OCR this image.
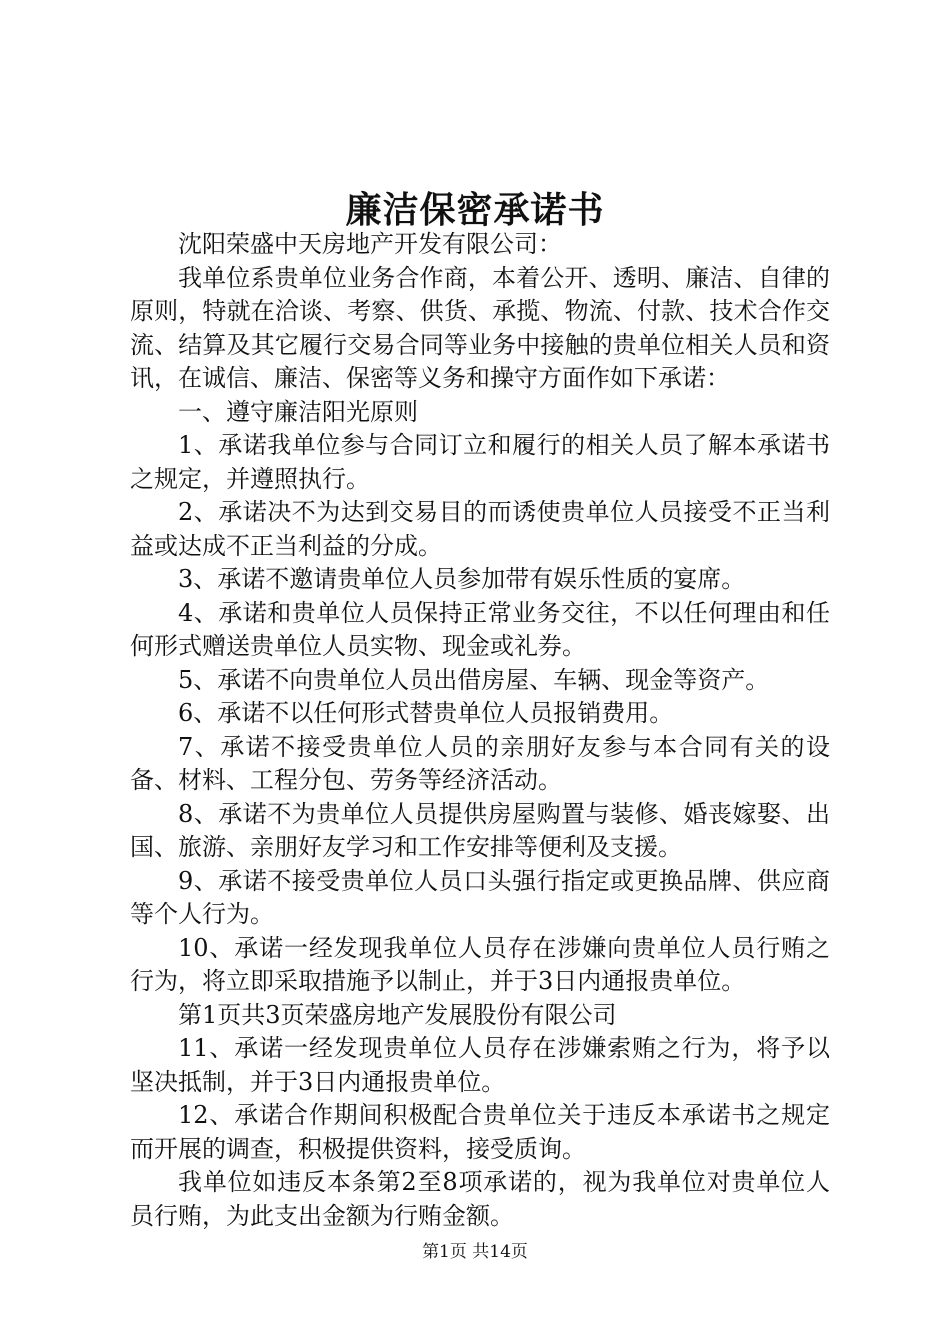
廉洁保密承诺书

沈阳荣盛中天房地产开发有限公司：

我单位系贵单位业务合作商，本着公开、透明、廉洁、自律的原则，特就在洽谈、考察、供货、承揽、物流、付款、技术合作交流、结算及其它履行交易合同等业务中接触的贵单位相关人员和资讯，在诚信、廉洁、保密等义务和操守方面作如下承诺：

一、遵守廉洁阳光原则

1、承诺我单位参与合同订立和履行的相关人员了解本承诺书之规定，并遵照执行。

2、承诺决不为达到交易目的而诱使贵单位人员接受不正当利益或达成不正当利益的分成。

3、承诺不邀请贵单位人员参加带有娱乐性质的宴席。

4、承诺和贵单位人员保持正常业务交往，不以任何理由和任何形式赠送贵单位人员实物、现金或礼券。

5、承诺不向贵单位人员出借房屋、车辆、现金等资产。

6、承诺不以任何形式替贵单位人员报销费用。

7、承诺不接受贵单位人员的亲朋好友参与本合同有关的设备、材料、工程分包、劳务等经济活动。

8、承诺不为贵单位人员提供房屋购置与装修、婚丧嫁娶、出国、旅游、亲朋好友学习和工作安排等便利及支援。

9、承诺不接受贵单位人员口头强行指定或更换品牌、供应商等个人行为。

10、承诺一经发现我单位人员存在涉嫌向贵单位人员行贿之行为，将立即采取措施予以制止，并于3日内通报贵单位。

第1页共3页荣盛房地产发展股份有限公司

11、承诺一经发现贵单位人员存在涉嫌索贿之行为，将予以坚决抵制，并于3日内通报贵单位。

12、承诺合作期间积极配合贵单位关于违反本承诺书之规定而开展的调查，积极提供资料，接受质询。

我单位如违反本条第2至8项承诺的，视为我单位对贵单位人员行贿，为此支出金额为行贿金额。

第1页 共14页
